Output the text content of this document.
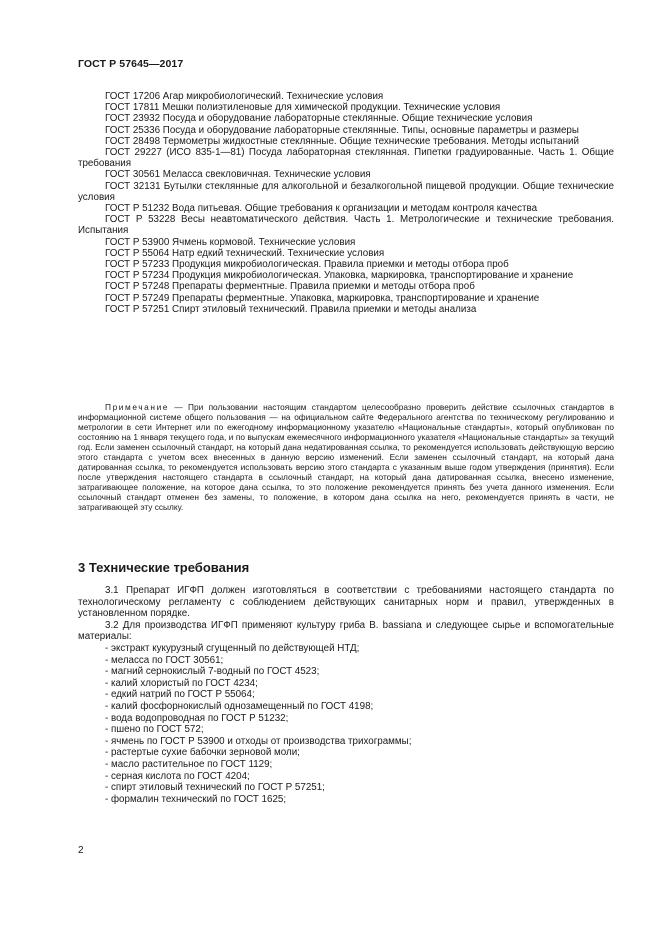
ГОСТ Р 57645—2017
ГОСТ 17206 Агар микробиологический. Технические условия
ГОСТ 17811 Мешки полиэтиленовые для химической продукции. Технические условия
ГОСТ 23932 Посуда и оборудование лабораторные стеклянные. Общие технические условия
ГОСТ 25336 Посуда и оборудование лабораторные стеклянные. Типы, основные параметры и размеры
ГОСТ 28498 Термометры жидкостные стеклянные. Общие технические требования. Методы испытаний
ГОСТ 29227 (ИСО 835-1—81) Посуда лабораторная стеклянная. Пипетки градуированные. Часть 1. Общие требования
ГОСТ 30561 Меласса свекловичная. Технические условия
ГОСТ 32131 Бутылки стеклянные для алкогольной и безалкогольной пищевой продукции. Общие технические условия
ГОСТ Р 51232 Вода питьевая. Общие требования к организации и методам контроля качества
ГОСТ Р 53228 Весы неавтоматического действия. Часть 1. Метрологические и технические требования. Испытания
ГОСТ Р 53900 Ячмень кормовой. Технические условия
ГОСТ Р 55064 Натр едкий технический. Технические условия
ГОСТ Р 57233 Продукция микробиологическая. Правила приемки и методы отбора проб
ГОСТ Р 57234 Продукция микробиологическая. Упаковка, маркировка, транспортирование и хранение
ГОСТ Р 57248 Препараты ферментные. Правила приемки и методы отбора проб
ГОСТ Р 57249 Препараты ферментные. Упаковка, маркировка, транспортирование и хранение
ГОСТ Р 57251 Спирт этиловый технический. Правила приемки и методы анализа
Примечание — При пользовании настоящим стандартом целесообразно проверить действие ссылочных стандартов в информационной системе общего пользования — на официальном сайте Федерального агентства по техническому регулированию и метрологии в сети Интернет или по ежегодному информационному указателю «Национальные стандарты», который опубликован по состоянию на 1 января текущего года, и по выпускам ежемесячного информационного указателя «Национальные стандарты» за текущий год. Если заменен ссылочный стандарт, на который дана недатированная ссылка, то рекомендуется использовать действующую версию этого стандарта с учетом всех внесенных в данную версию изменений. Если заменен ссылочный стандарт, на который дана датированная ссылка, то рекомендуется использовать версию этого стандарта с указанным выше годом утверждения (принятия). Если после утверждения настоящего стандарта в ссылочный стандарт, на который дана датированная ссылка, внесено изменение, затрагивающее положение, на которое дана ссылка, то это положение рекомендуется принять без учета данного изменения. Если ссылочный стандарт отменен без замены, то положение, в котором дана ссылка на него, рекомендуется принять в части, не затрагивающей эту ссылку.
3 Технические требования
3.1 Препарат ИГФП должен изготовляться в соответствии с требованиями настоящего стандарта по технологическому регламенту с соблюдением действующих санитарных норм и правил, утвержденных в установленном порядке.
3.2 Для производства ИГФП применяют культуру гриба B. bassiana и следующее сырье и вспомогательные материалы:
- экстракт кукурузный сгущенный по действующей НТД;
- меласса по ГОСТ 30561;
- магний сернокислый 7-водный по ГОСТ 4523;
- калий хлористый по ГОСТ 4234;
- едкий натрий по ГОСТ Р 55064;
- калий фосфорнокислый однозамещенный по ГОСТ 4198;
- вода водопроводная по ГОСТ Р 51232;
- пшено по ГОСТ 572;
- ячмень по ГОСТ Р 53900 и отходы от производства трихограммы;
- растертые сухие бабочки зерновой моли;
- масло растительное по ГОСТ 1129;
- серная кислота по ГОСТ 4204;
- спирт этиловый технический по ГОСТ Р 57251;
- формалин технический по ГОСТ 1625;
2
